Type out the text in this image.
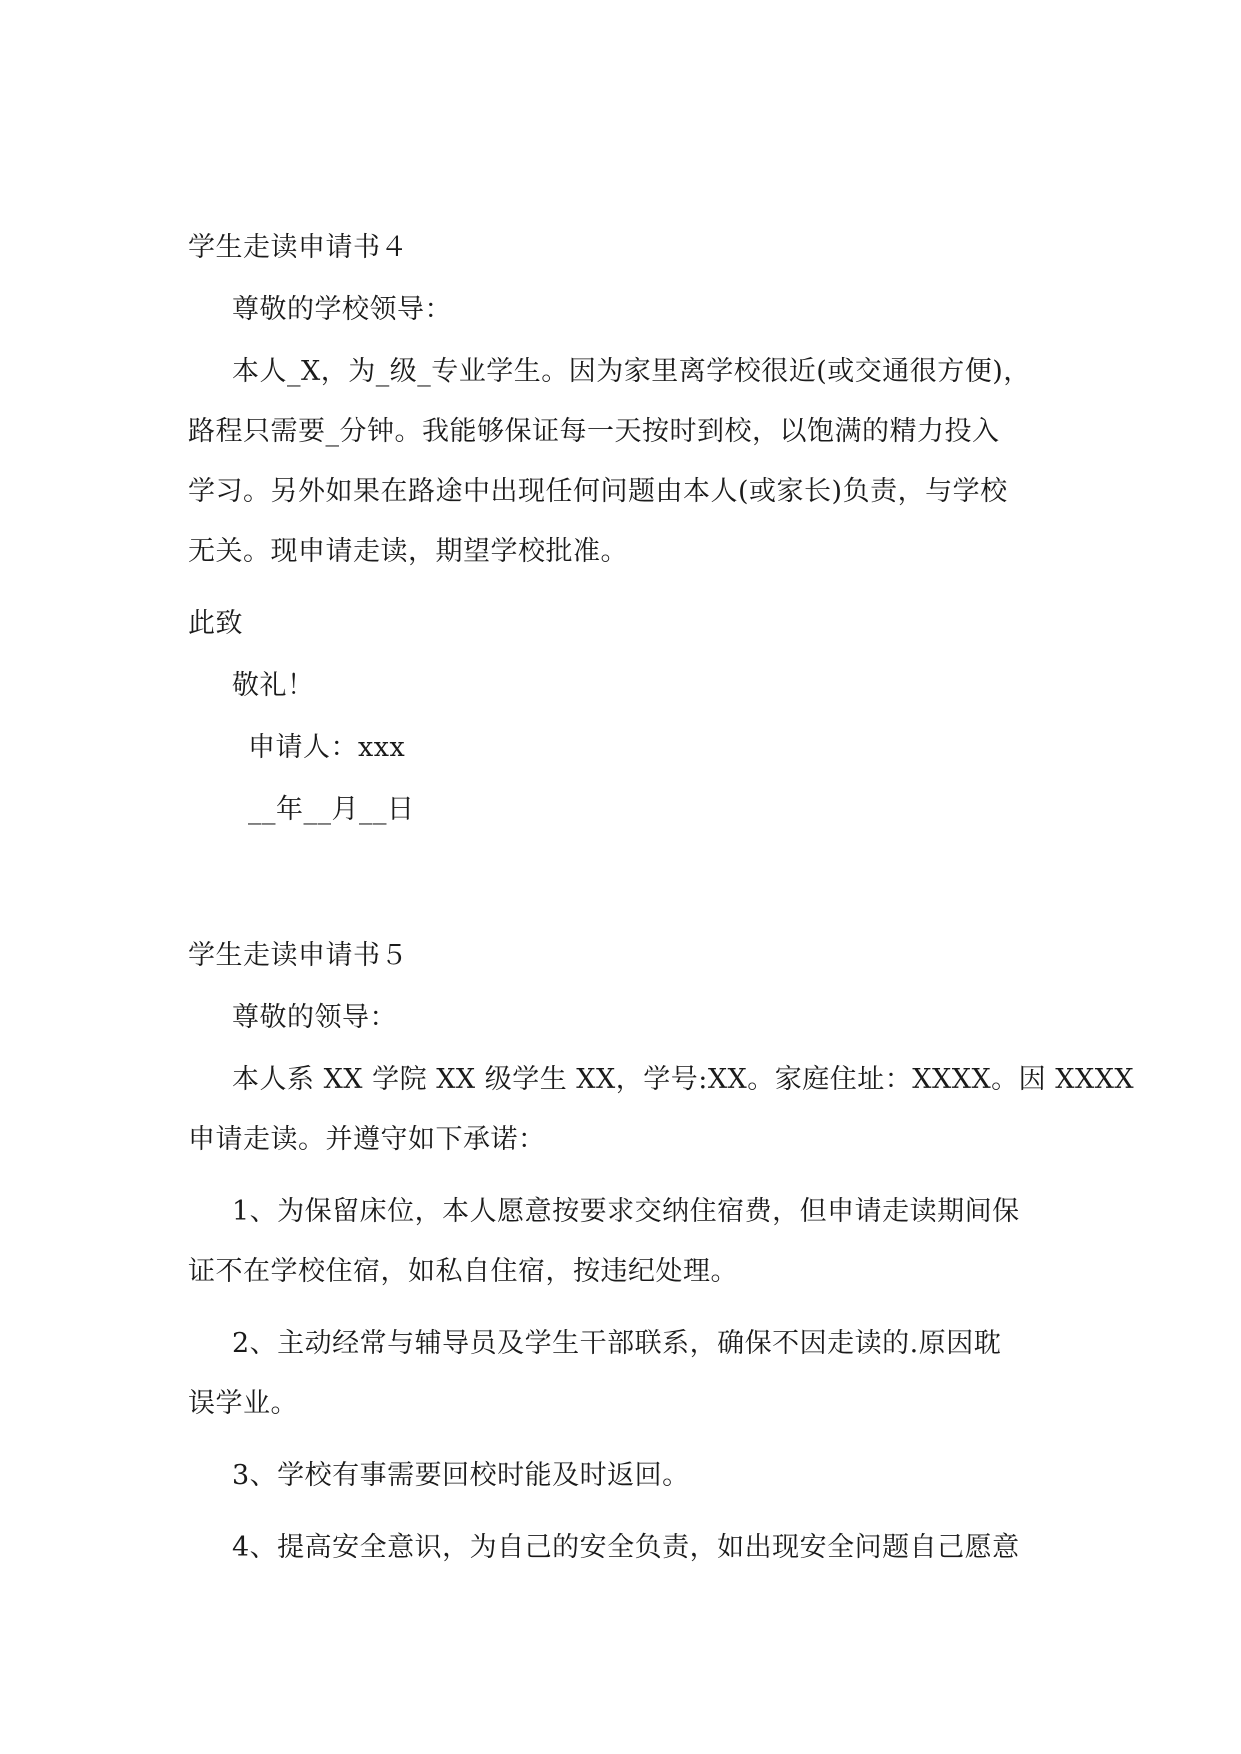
学生走读申请书４
尊敬的学校领导：
本人_X，为_级_专业学生。因为家里离学校很近(或交通很方便)，
路程只需要_分钟。我能够保证每一天按时到校，以饱满的精力投入
学习。另外如果在路途中出现任何问题由本人(或家长)负责，与学校
无关。现申请走读，期望学校批准。
此致
敬礼！
申请人：xxx
__年__月__日
学生走读申请书５
尊敬的领导：
本人系 XX 学院 XX 级学生 XX，学号:XX。家庭住址：XXXX。因 XXXX
申请走读。并遵守如下承诺：
1、为保留床位，本人愿意按要求交纳住宿费，但申请走读期间保
证不在学校住宿，如私自住宿，按违纪处理。
2、主动经常与辅导员及学生干部联系，确保不因走读的.原因耽
误学业。
3、学校有事需要回校时能及时返回。
4、提高安全意识，为自己的安全负责，如出现安全问题自己愿意
